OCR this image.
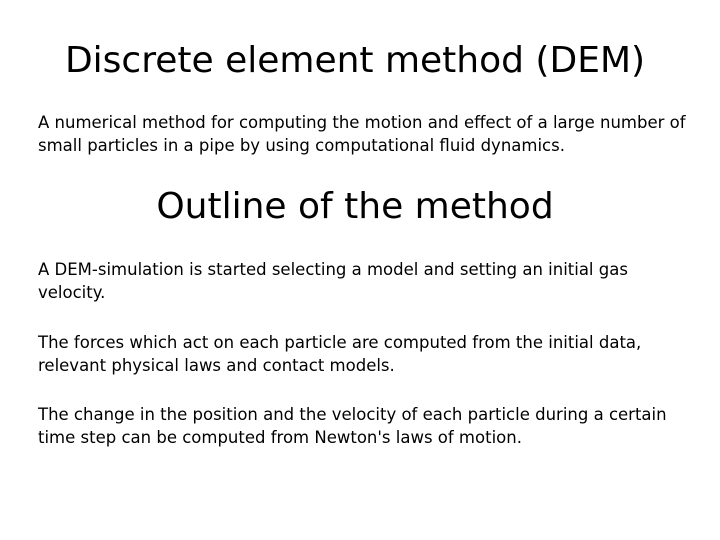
Discrete element method (DEM)

A numerical method for computing the motion and effect of a large number of small particles in a pipe by using computational fluid dynamics.

Outline of the method

A DEM-simulation is started selecting a model and setting an initial gas velocity.

The forces which act on each particle are computed from the initial data, relevant physical laws and contact models.

The change in the position and the velocity of each particle during a certain time step can be computed from Newton's laws of motion.
